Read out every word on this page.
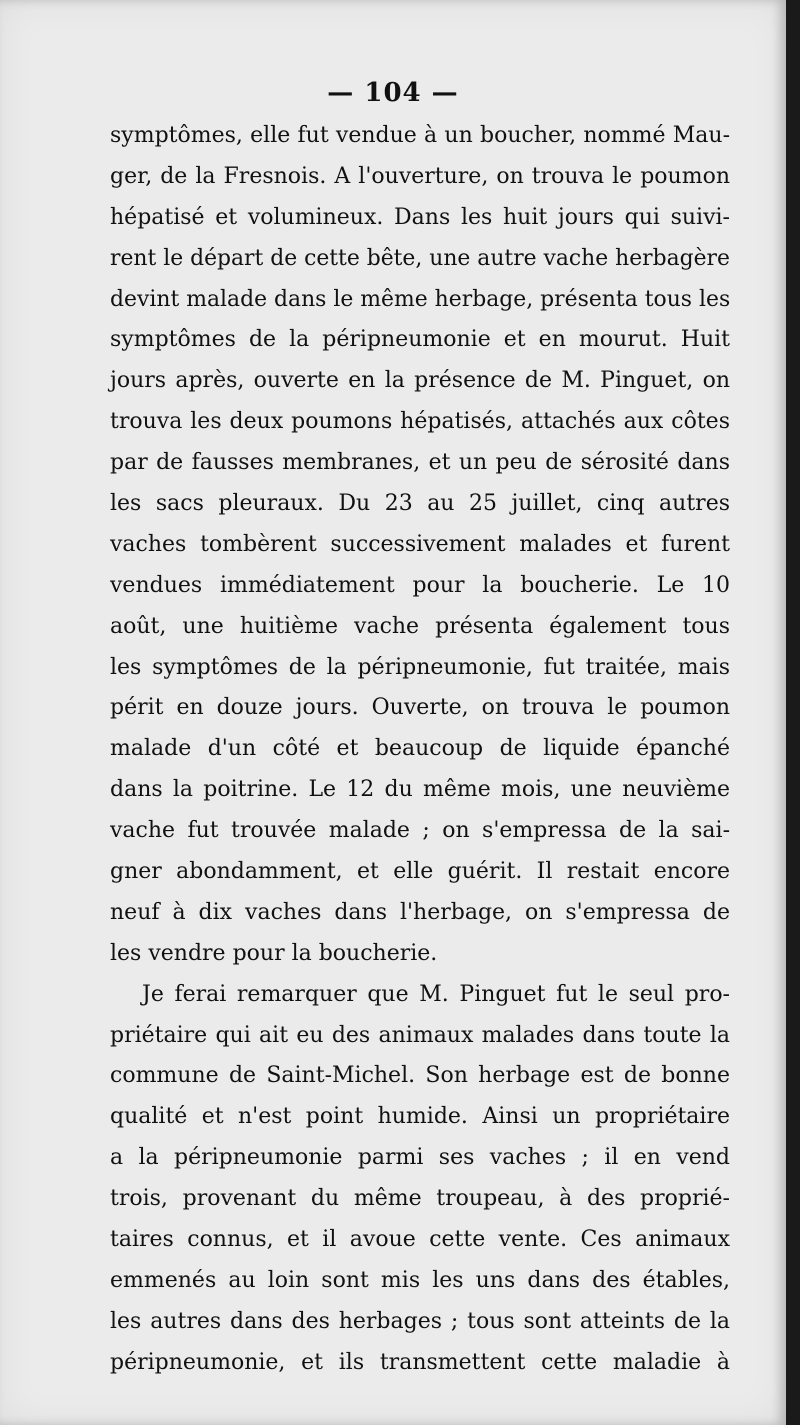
— 104 —
symptômes, elle fut vendue à un boucher, nommé Mau-
ger, de la Fresnois. A l'ouverture, on trouva le poumon
hépatisé et volumineux. Dans les huit jours qui suivi-
rent le départ de cette bête, une autre vache herbagère
devint malade dans le même herbage, présenta tous les
symptômes de la péripneumonie et en mourut. Huit
jours après, ouverte en la présence de M. Pinguet, on
trouva les deux poumons hépatisés, attachés aux côtes
par de fausses membranes, et un peu de sérosité dans
les sacs pleuraux. Du 23 au 25 juillet, cinq autres
vaches tombèrent successivement malades et furent
vendues immédiatement pour la boucherie. Le 10
août, une huitième vache présenta également tous
les symptômes de la péripneumonie, fut traitée, mais
périt en douze jours. Ouverte, on trouva le poumon
malade d'un côté et beaucoup de liquide épanché
dans la poitrine. Le 12 du même mois, une neuvième
vache fut trouvée malade ; on s'empressa de la sai-
gner abondamment, et elle guérit. Il restait encore
neuf à dix vaches dans l'herbage, on s'empressa de
les vendre pour la boucherie.
Je ferai remarquer que M. Pinguet fut le seul pro-
priétaire qui ait eu des animaux malades dans toute la
commune de Saint-Michel. Son herbage est de bonne
qualité et n'est point humide. Ainsi un propriétaire
a la péripneumonie parmi ses vaches ; il en vend
trois, provenant du même troupeau, à des proprié-
taires connus, et il avoue cette vente. Ces animaux
emmenés au loin sont mis les uns dans des étables,
les autres dans des herbages ; tous sont atteints de la
péripneumonie, et ils transmettent cette maladie à
